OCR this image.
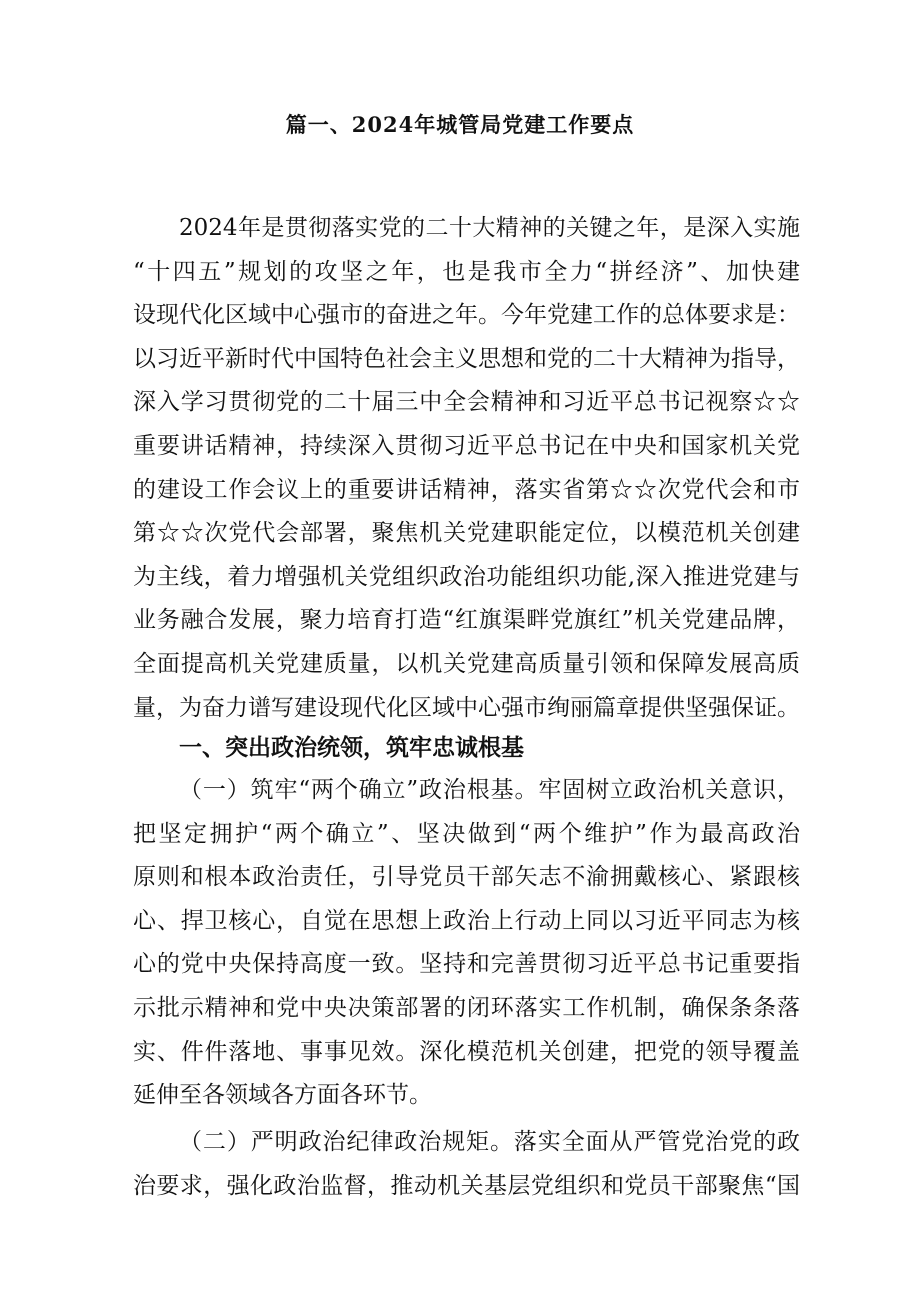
篇一、2024年城管局党建工作要点
2024年是贯彻落实党的二十大精神的关键之年，是深入实施
“十四五”规划的攻坚之年，也是我市全力“拼经济”、加快建
设现代化区域中心强市的奋进之年。今年党建工作的总体要求是：
以习近平新时代中国特色社会主义思想和党的二十大精神为指导，
深入学习贯彻党的二十届三中全会精神和习近平总书记视察☆☆
重要讲话精神，持续深入贯彻习近平总书记在中央和国家机关党
的建设工作会议上的重要讲话精神，落实省第☆☆次党代会和市
第☆☆次党代会部署，聚焦机关党建职能定位，以模范机关创建
为主线，着力增强机关党组织政治功能组织功能,深入推进党建与
业务融合发展，聚力培育打造“红旗渠畔党旗红”机关党建品牌，
全面提高机关党建质量，以机关党建高质量引领和保障发展高质
量，为奋力谱写建设现代化区域中心强市绚丽篇章提供坚强保证。
一、突出政治统领，筑牢忠诚根基
（一）筑牢“两个确立”政治根基。牢固树立政治机关意识，
把坚定拥护“两个确立”、坚决做到“两个维护”作为最高政治
原则和根本政治责任，引导党员干部矢志不渝拥戴核心、紧跟核
心、捍卫核心，自觉在思想上政治上行动上同以习近平同志为核
心的党中央保持高度一致。坚持和完善贯彻习近平总书记重要指
示批示精神和党中央决策部署的闭环落实工作机制，确保条条落
实、件件落地、事事见效。深化模范机关创建，把党的领导覆盖
延伸至各领域各方面各环节。
（二）严明政治纪律政治规矩。落实全面从严管党治党的政
治要求，强化政治监督，推动机关基层党组织和党员干部聚焦“国
